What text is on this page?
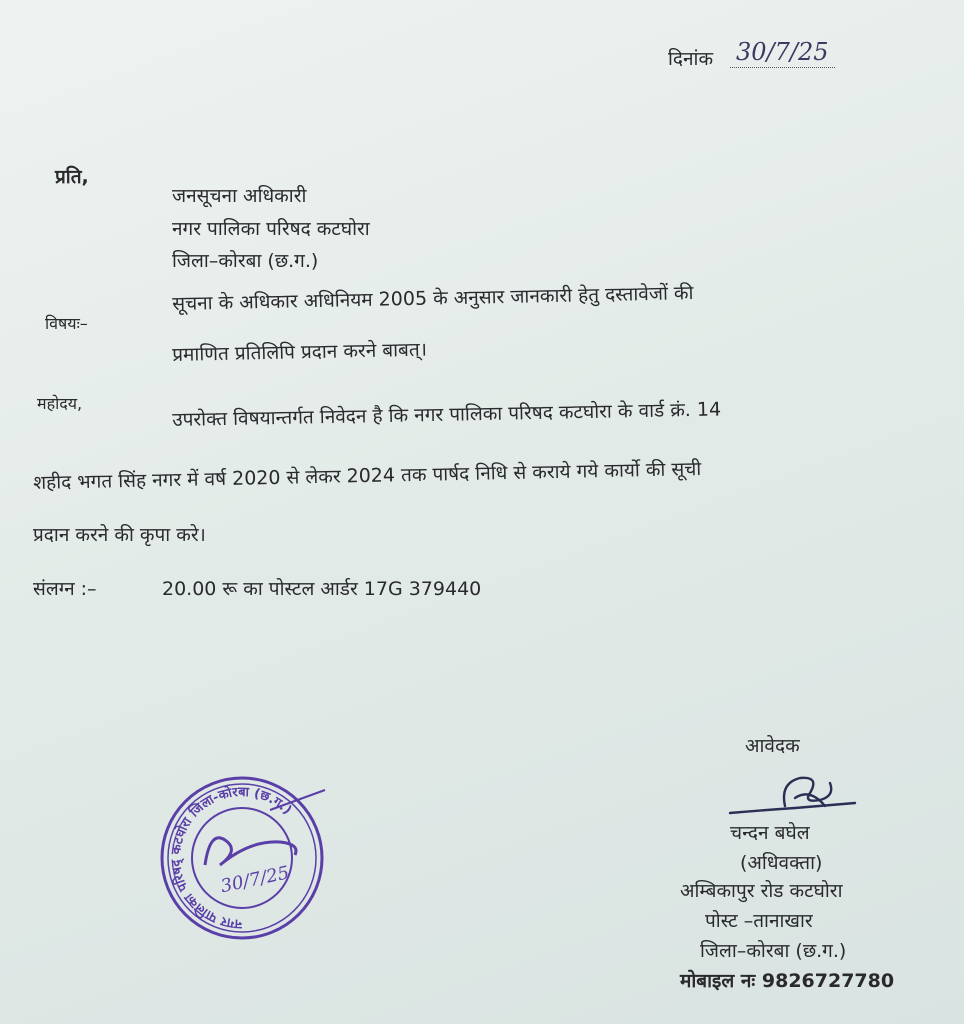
दिनांक 30/7/25
प्रति,
जनसूचना अधिकारी
नगर पालिका परिषद कटघोरा
जिला–कोरबा (छ.ग.)
विषयः–
सूचना के अधिकार अधिनियम 2005 के अनुसार जानकारी हेतु दस्तावेजों की
प्रमाणित प्रतिलिपि प्रदान करने बाबत्।
महोदय,	उपरोक्त विषयान्तर्गत निवेदन है कि नगर पालिका परिषद कटघोरा के वार्ड क्रं. 14
शहीद भगत सिंह नगर में वर्ष 2020 से लेकर 2024 तक पार्षद निधि से कराये गये कार्यो की सूची
प्रदान करने की कृपा करे।
संलग्न :–	20.00 रू का पोस्टल आर्डर 17G 379440
नगर पालिका परिषद् कटघोरा जिला-कोरबा (छ.ग.)
30/7/25
आवेदक
चन्दन बघेल
(अधिवक्ता)
अम्बिकापुर रोड कटघोरा
पोस्ट –तानाखार
जिला–कोरबा (छ.ग.)
मोबाइल नः 9826727780
